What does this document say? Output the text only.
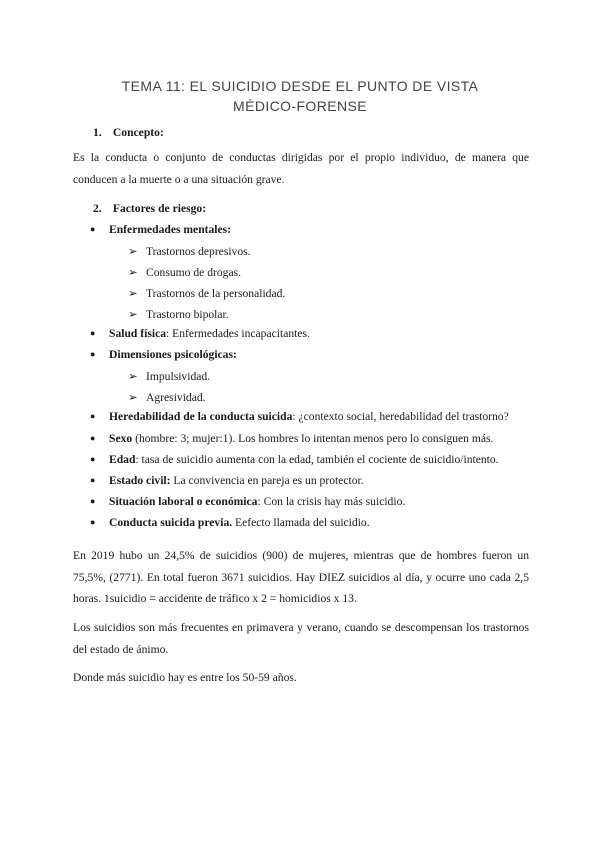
TEMA 11: EL SUICIDIO DESDE EL PUNTO DE VISTA
MÉDICO-FORENSE
1. Concepto:
Es la conducta o conjunto de conductas dirigidas por el propio individuo, de manera que conducen a la muerte o a una situación grave.
2. Factores de riesgo:
● Enfermedades mentales:
➢ Trastornos depresivos.
➢ Consumo de drogas.
➢ Trastornos de la personalidad.
➢ Trastorno bipolar.
● Salud física: Enfermedades incapacitantes.
● Dimensiones psicológicas:
➢ Impulsividad.
➢ Agresividad.
● Heredabilidad de la conducta suicida: ¿contexto social, heredabilidad del trastorno?
● Sexo (hombre: 3; mujer:1). Los hombres lo intentan menos pero lo consiguen más.
● Edad: tasa de suicidio aumenta con la edad, también el cociente de suicidio/intento.
● Estado civil: La convivencia en pareja es un protector.
● Situación laboral o económica: Con la crisis hay más suicidio.
● Conducta suicida previa. Eefecto llamada del suicidio.
En 2019 hubo un 24,5% de suicidios (900) de mujeres, mientras que de hombres fueron un 75,5%, (2771). En total fueron 3671 suicidios. Hay DIEZ suicidios al día, y ocurre uno cada 2,5 horas. 1suicidio = accidente de tráfico x 2 = homicidios x 13.
Los suicidios son más frecuentes en primavera y verano, cuando se descompensan los trastornos del estado de ánimo.
Donde más suicidio hay es entre los 50-59 años.
